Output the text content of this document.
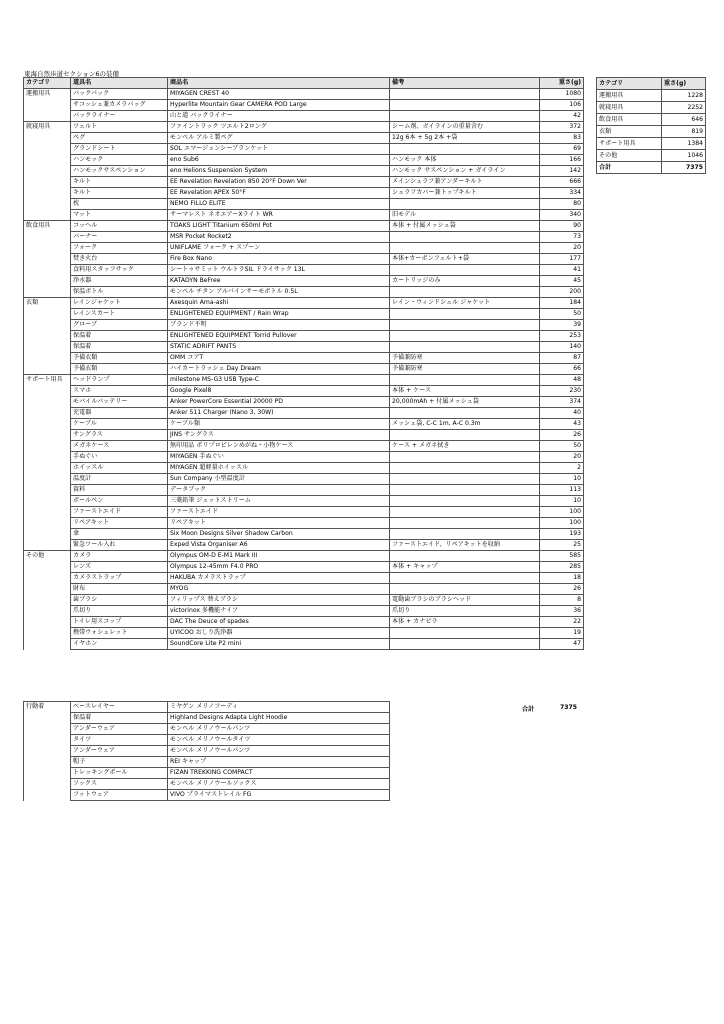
東海自然歩道セクション6の装備
カテゴリ	道具名	商品名	備考	重さ(g)
運搬用具	バックパック	MIYAGEN CREST 40		1080
	サコッシュ兼カメラバッグ	Hyperlite Mountain Gear CAMERA POD Large		106
	バックライナー	山と道 バックライナー		42
就寝用具	ツェルト	ファイントラック ツエルト2ロング	シーム剤、ガイラインの重量含む	372
	ペグ	モンベル アルミ製ペグ	12g 6本 + 5g 2本 +袋	83
	グランドシート	SOL エマージェンシーブランケット		69
	ハンモック	eno Sub6	ハンモック 本体	166
	ハンモックサスペンション	eno Helions Suspension System	ハンモック サスペンション + ガイライン	142
	キルト	EE Revelation Revelation 850 20°F Down Ver	メインシュラフ兼アンダーキルト	666
	キルト	EE Revelation APEX 50°F	シュラフカバー兼トップキルト	334
	枕	NEMO FILLO ELITE		80
	マット	サーマレスト ネオエアーXライト WR	旧モデル	340
飲食用具	コッヘル	TOAKS LIGHT Titanium 650ml Pot	本体 + 付属メッシュ袋	90
	バーナー	MSR Pocket Rocket2		73
	フォーク	UNIFLAME フォーク + スプーン		20
	焚き火台	Fire Box Nano	本体+カーボンフェルト+袋	177
	食料用スタッフサック	シートゥサミット ウルトラSIL ドライサック 13L		41
	浄水器	KATADYN BeFree	カートリッジのみ	45
	保温ボトル	モンベル チタン アルパインサーモボトル 0.5L		200
衣類	レインジャケット	Axesquin Ama-ashi	レイン・ウィンドシェル ジャケット	184
	レインスカート	ENLIGHTENED EQUIPMENT / Rain Wrap		50
	グローブ	ブランド不明		39
	保温着	ENLIGHTENED EQUIPMENT Torrid Pullover		253
	保温着	STATIC ADRIFT PANTS		140
	予備衣類	OMM コアT	予備兼防寒	87
	予備衣類	ハイカートラッシュ Day Dream	予備兼防寒	66
サポート用具	ヘッドランプ	milestone MS-G3 USB Type-C		48
	スマホ	Google Pixel8	本体 + ケース	230
	モバイルバッテリー	Anker PowerCore Essential 20000 PD	20,000mAh + 付属メッシュ袋	374
	充電器	Anker 511 Charger (Nano 3, 30W)		40
	ケーブル	ケーブル類	メッシュ袋, C-C 1m, A-C 0.3m	43
	サングラス	JINS サングラス		26
	メガネケース	無印用品 ポリプロピレンめがね・小物ケース	ケース + メガネ拭き	50
	手ぬぐい	MIYAGEN 手ぬぐい		20
	ホイッスル	MIYAGEN 超軽量ホイッスル		2
	温度計	Sun Company 小型温度計		10
	資料	データブック		113
	ボールペン	三菱鉛筆 ジェットストリーム		10
	ファーストエイド	ファーストエイド		100
	リペアキット	リペアキット		100
	傘	Six Moon Designs Silver Shadow Carbon		193
	緊急ツール入れ	Exped Vista Organiser A6	ファーストエイド、リペアキットを収納	25
その他	カメラ	Olympus OM-D E-M1 Mark III		585
	レンズ	Olympus 12-45mm F4.0 PRO	本体 + キャップ	285
	カメラストラップ	HAKUBA カメラストラップ		18
	財布	MYOG		26
	歯ブラシ	フィリップス 替えブラシ	電動歯ブラシのブラシヘッド	8
	爪切り	victorinox 多機能ナイフ	爪切り	36
	トイレ用スコップ	DAC The Deuce of spades	本体 + カナビラ	22
	携帯ウォシュレット	UYICOO おしり洗浄器		19
	イヤホン	SoundCore Lite P2 mini		47
行動着	ベースレイヤー	ミヤゲン メリノフーディ
	保温着	Highland Designs Adapta Light Hoodie
	アンダーウェア	モンベル メリノウールパンツ
	タイツ	モンベル メリノウールタイツ
	アンダーウェア	モンベル メリノウールパンツ
	帽子	REI キャップ
	トレッキングポール	FIZAN TREKKING COMPACT
	ソックス	モンベル メリノウールソックス
	フットウェア	VIVO プライマストレイル FG
合計	7375
カテゴリ	重さ(g)
運搬用具	1228
就寝用具	2252
飲食用具	646
衣類	819
サポート用具	1384
その他	1046
合計	7375
